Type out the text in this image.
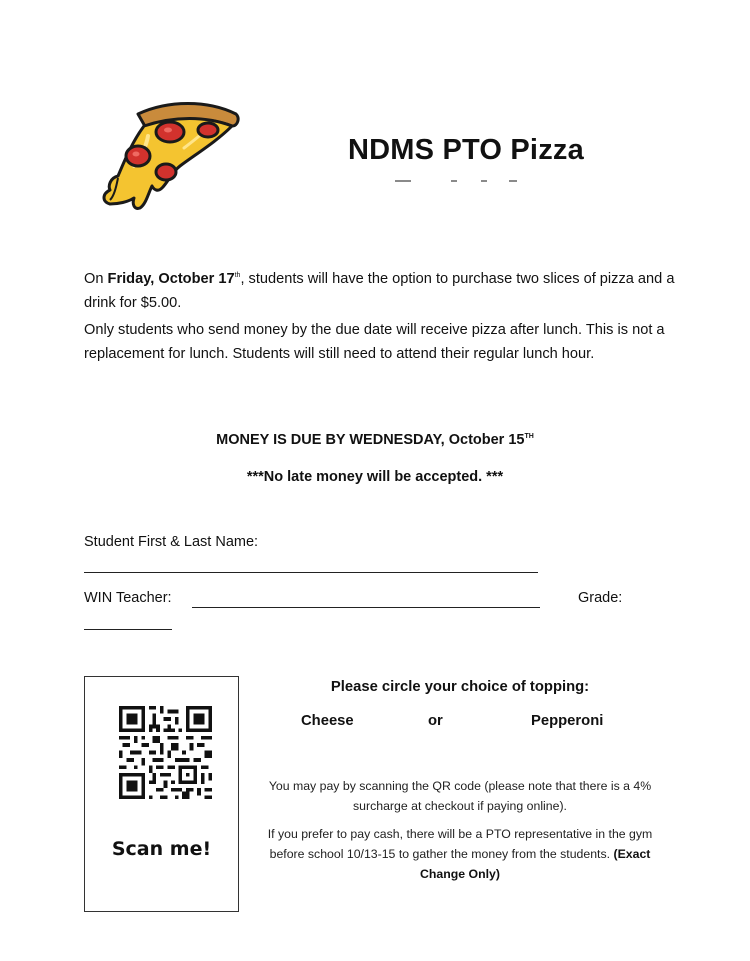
NDMS PTO Pizza
On Friday, October 17th, students will have the option to purchase two slices of pizza and a drink for $5.00.
Only students who send money by the due date will receive pizza after lunch. This is not a replacement for lunch. Students will still need to attend their regular lunch hour.
MONEY IS DUE BY WEDNESDAY, October 15TH
***No late money will be accepted. ***
Student First & Last Name:
WIN Teacher:	Grade:
Scan me!
Please circle your choice of topping:
Cheese	or	Pepperoni
You may pay by scanning the QR code (please note that there is a 4% surcharge at checkout if paying online).
If you prefer to pay cash, there will be a PTO representative in the gym before school 10/13-15 to gather the money from the students. (Exact Change Only)
